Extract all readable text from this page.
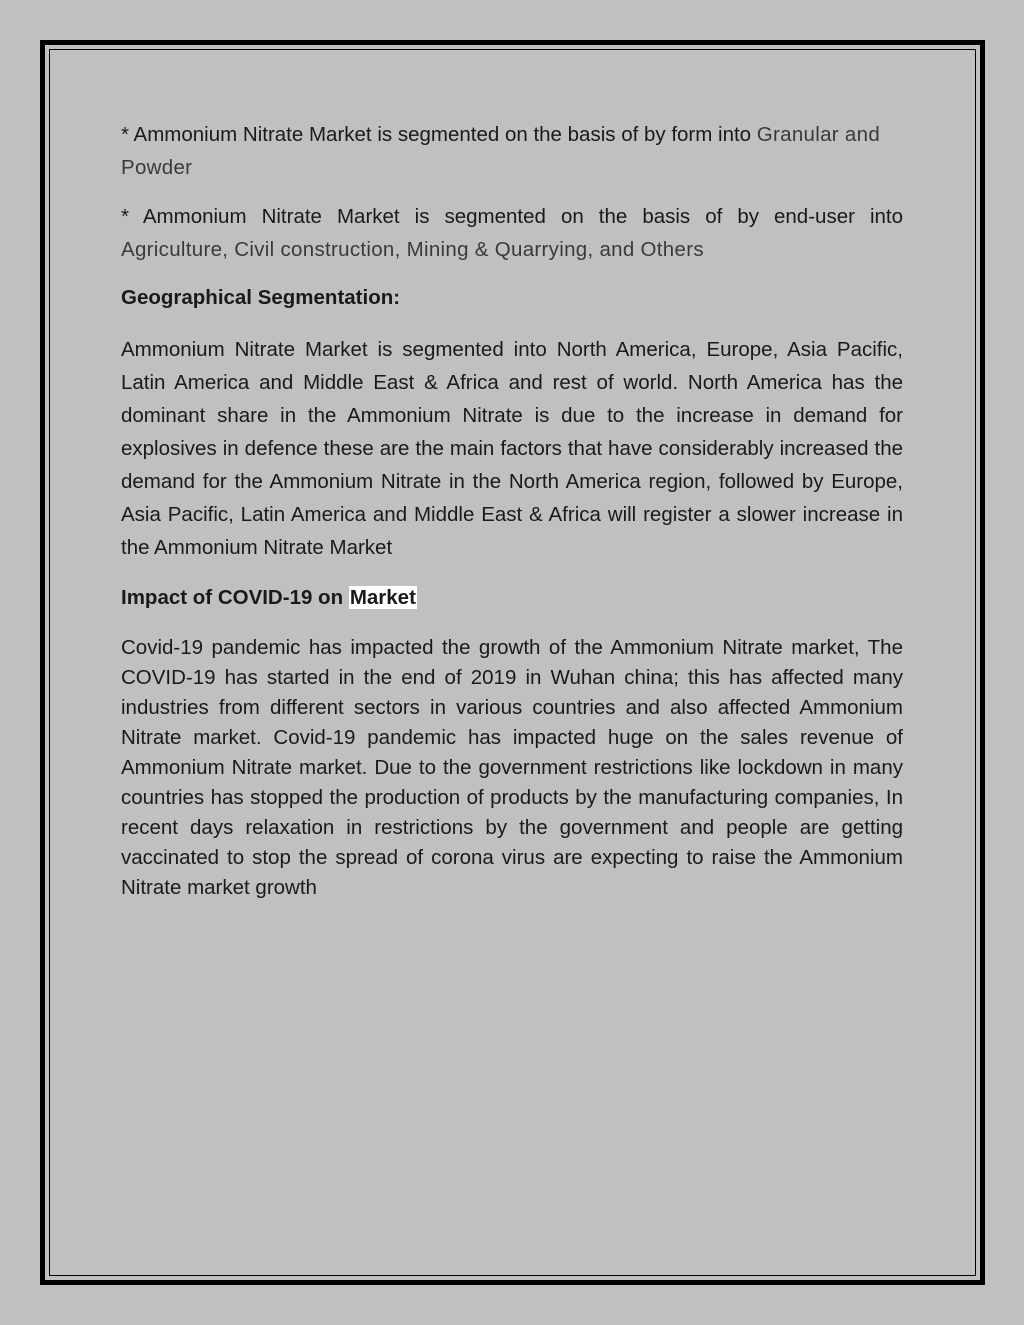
* Ammonium Nitrate Market is segmented on the basis of by form into Granular and Powder

* Ammonium Nitrate Market is segmented on the basis of by end-user into
Agriculture, Civil construction, Mining & Quarrying, and Others

Geographical Segmentation:

Ammonium Nitrate Market is segmented into North America, Europe, Asia Pacific, Latin America and Middle East & Africa and rest of world. North America has the dominant share in the Ammonium Nitrate is due to the increase in demand for explosives in defence these are the main factors that have considerably increased the demand for the Ammonium Nitrate in the North America region, followed by Europe, Asia Pacific, Latin America and Middle East & Africa will register a slower increase in the Ammonium Nitrate Market

Impact of COVID-19 on Market

Covid-19 pandemic has impacted the growth of the Ammonium Nitrate market, The COVID-19 has started in the end of 2019 in Wuhan china; this has affected many industries from different sectors in various countries and also affected Ammonium Nitrate market. Covid-19 pandemic has impacted huge on the sales revenue of Ammonium Nitrate market. Due to the government restrictions like lockdown in many countries has stopped the production of products by the manufacturing companies, In recent days relaxation in restrictions by the government and people are getting vaccinated to stop the spread of corona virus are expecting to raise the Ammonium Nitrate market growth
